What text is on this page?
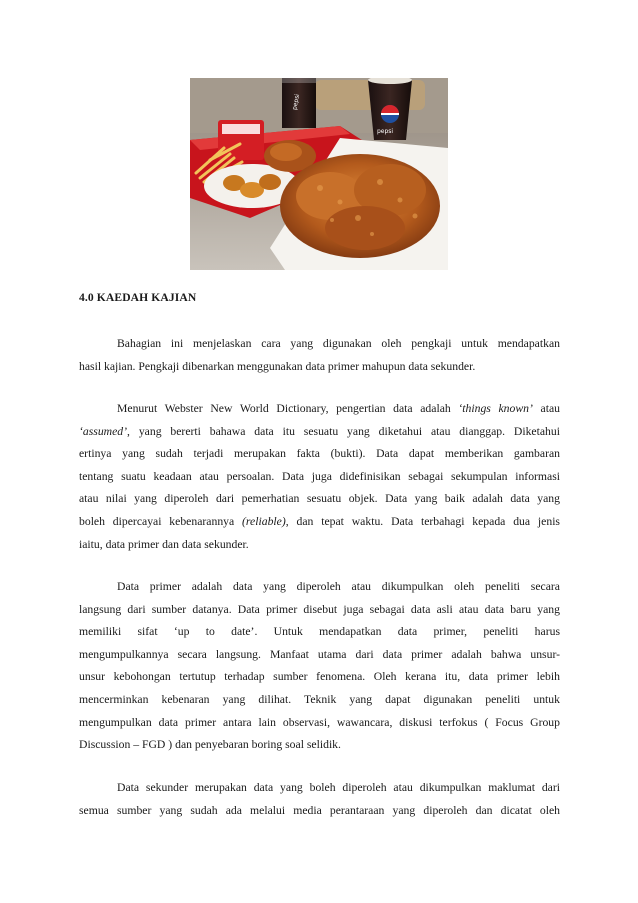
pepsi
pepsi
4.0 KAEDAH KAJIAN
Bahagian ini menjelaskan cara yang digunakan oleh pengkaji untuk mendapatkan
hasil kajian. Pengkaji dibenarkan menggunakan data primer mahupun data sekunder.
Menurut Webster New World Dictionary, pengertian data adalah ‘things known’ atau
‘assumed’, yang bererti bahawa data itu sesuatu yang diketahui atau dianggap. Diketahui
ertinya yang sudah terjadi merupakan fakta (bukti). Data dapat memberikan gambaran
tentang suatu keadaan atau persoalan. Data juga didefinisikan sebagai sekumpulan informasi
atau nilai yang diperoleh dari pemerhatian sesuatu objek. Data yang baik adalah data yang
boleh dipercayai kebenarannya (reliable), dan tepat waktu. Data terbahagi kepada dua jenis
iaitu, data primer dan data sekunder.
Data primer adalah data yang diperoleh atau dikumpulkan oleh peneliti secara
langsung dari sumber datanya. Data primer disebut juga sebagai data asli atau data baru yang
memiliki sifat ‘up to date’. Untuk mendapatkan data primer, peneliti harus
mengumpulkannya secara langsung. Manfaat utama dari data primer adalah bahwa unsur-
unsur kebohongan tertutup terhadap sumber fenomena. Oleh kerana itu, data primer lebih
mencerminkan kebenaran yang dilihat. Teknik yang dapat digunakan peneliti untuk
mengumpulkan data primer antara lain observasi, wawancara, diskusi terfokus ( Focus Group
Discussion – FGD ) dan penyebaran boring soal selidik.
Data sekunder merupakan data yang boleh diperoleh atau dikumpulkan maklumat dari
semua sumber yang sudah ada melalui media perantaraan yang diperoleh dan dicatat oleh
